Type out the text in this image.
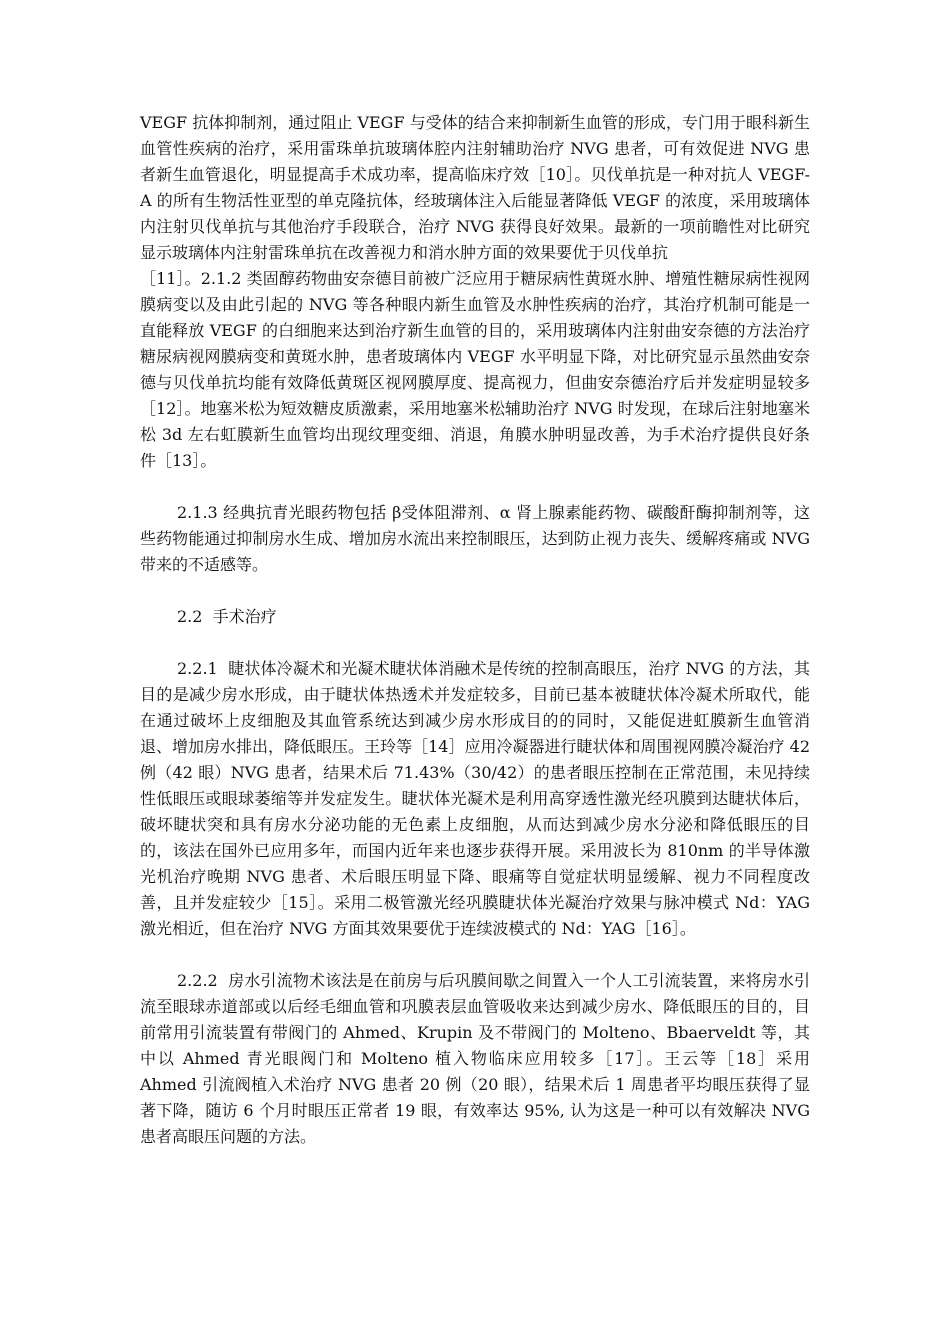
VEGF 抗体抑制剂，通过阻止 VEGF 与受体的结合来抑制新生血管的形成，专门用于眼科新生血管性疾病的治疗，采用雷珠单抗玻璃体腔内注射辅助治疗 NVG 患者，可有效促进 NVG 患者新生血管退化，明显提高手术成功率，提高临床疗效［10］。贝伐单抗是一种对抗人 VEGF-A 的所有生物活性亚型的单克隆抗体，经玻璃体注入后能显著降低 VEGF 的浓度，采用玻璃体内注射贝伐单抗与其他治疗手段联合，治疗 NVG 获得良好效果。最新的一项前瞻性对比研究显示玻璃体内注射雷珠单抗在改善视力和消水肿方面的效果要优于贝伐单抗
［11］。2.1.2 类固醇药物曲安奈德目前被广泛应用于糖尿病性黄斑水肿、增殖性糖尿病性视网膜病变以及由此引起的 NVG 等各种眼内新生血管及水肿性疾病的治疗，其治疗机制可能是一直能释放 VEGF 的白细胞来达到治疗新生血管的目的，采用玻璃体内注射曲安奈德的方法治疗糖尿病视网膜病变和黄斑水肿，患者玻璃体内 VEGF 水平明显下降，对比研究显示虽然曲安奈德与贝伐单抗均能有效降低黄斑区视网膜厚度、提高视力，但曲安奈德治疗后并发症明显较多［12］。地塞米松为短效糖皮质激素，采用地塞米松辅助治疗 NVG 时发现，在球后注射地塞米松 3d 左右虹膜新生血管均出现纹理变细、消退，角膜水肿明显改善，为手术治疗提供良好条件［13］。

2.1.3 经典抗青光眼药物包括 β受体阻滞剂、α 肾上腺素能药物、碳酸酐酶抑制剂等，这些药物能通过抑制房水生成、增加房水流出来控制眼压，达到防止视力丧失、缓解疼痛或 NVG 带来的不适感等。

2.2  手术治疗

2.2.1  睫状体冷凝术和光凝术睫状体消融术是传统的控制高眼压，治疗 NVG 的方法，其目的是减少房水形成，由于睫状体热透术并发症较多，目前已基本被睫状体冷凝术所取代，能在通过破坏上皮细胞及其血管系统达到减少房水形成目的的同时，又能促进虹膜新生血管消退、增加房水排出，降低眼压。王玲等［14］应用冷凝器进行睫状体和周围视网膜冷凝治疗 42 例（42 眼）NVG 患者，结果术后 71.43%（30/42）的患者眼压控制在正常范围，未见持续性低眼压或眼球萎缩等并发症发生。睫状体光凝术是利用高穿透性激光经巩膜到达睫状体后，破坏睫状突和具有房水分泌功能的无色素上皮细胞，从而达到减少房水分泌和降低眼压的目的，该法在国外已应用多年，而国内近年来也逐步获得开展。采用波长为 810nm 的半导体激光机治疗晚期 NVG 患者、术后眼压明显下降、眼痛等自觉症状明显缓解、视力不同程度改善，且并发症较少［15］。采用二极管激光经巩膜睫状体光凝治疗效果与脉冲模式 Nd：YAG 激光相近，但在治疗 NVG 方面其效果要优于连续波模式的 Nd：YAG［16］。

2.2.2  房水引流物术该法是在前房与后巩膜间歇之间置入一个人工引流装置，来将房水引流至眼球赤道部或以后经毛细血管和巩膜表层血管吸收来达到减少房水、降低眼压的目的，目前常用引流装置有带阀门的 Ahmed、Krupin 及不带阀门的 Molteno、Bbaerveldt 等，其中以 Ahmed 青光眼阀门和 Molteno 植入物临床应用较多［17］。王云等［18］采用 Ahmed 引流阀植入术治疗 NVG 患者 20 例（20 眼），结果术后 1 周患者平均眼压获得了显著下降，随访 6 个月时眼压正常者 19 眼，有效率达 95%, 认为这是一种可以有效解决 NVG 患者高眼压问题的方法。
